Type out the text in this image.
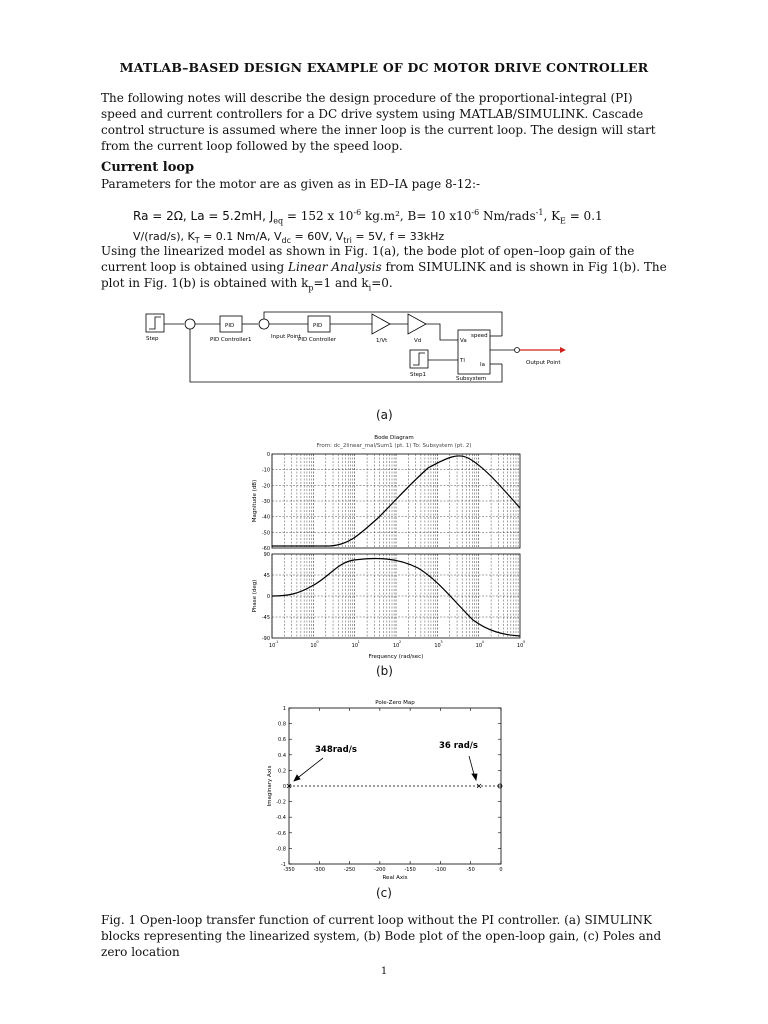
MATLAB–BASED DESIGN EXAMPLE OF DC MOTOR DRIVE CONTROLLER
The following notes will describe the design procedure of the proportional-integral (PI) speed and current controllers for a DC drive system using MATLAB/SIMULINK. Cascade control structure is assumed where the inner loop is the current loop. The design will start from the current loop followed by the speed loop.
Current loop
Parameters for the motor are as given as in ED–IA page 8-12:-
Ra = 2Ω, La = 5.2mH, $J_{eq} = 152$ x $10^{-6}$ kg.m², B= 10 $x10^{-6}$ Nm/rads$^{-1}$, $K_E = 0.1$
V/(rad/s), $K_T = 0.1$ Nm/A, $V_{dc} = 60V$, $V_{tri} = 5V$, f = 33kHz
Using the linearized model as shown in Fig. 1(a), the bode plot of open–loop gain of the current loop is obtained using Linear Analysis from SIMULINK and is shown in Fig 1(b). The plot in Fig. 1(b) is obtained with $k_p=1$ and $k_i=0$.
Step
PID
PID Controller1	Input Point
PID
PID Controller	1/Vt	Vd	Va
Tl
speed
Ia
Subsystem
Step1
Output Point
(a)
Bode Diagram
From: dc_2linear_mal/Sum1 (pt. 1) To: Subsystem (pt. 2)
Magnitude (dB)
Phase (deg)
Frequency (rad/sec)
0
-10
-20
-30
-40
-50
-60
90
45
0
-45
-90
10
-1
10
0
10
1
10
2
10
3
10
4
10
5
(b)
Pole-Zero Map
Imaginary Axis
Real Axis
1
0.8
0.6
0.4
0.2
0
-0.2
-0.4
-0.6
-0.8
-1
-350	-300	-250	-200	-150	-100	-50	0
348rad/s	36 rad/s
(c)
Fig. 1 Open-loop transfer function of current loop without the PI controller. (a) SIMULINK blocks representing the linearized system, (b) Bode plot of the open-loop gain, (c) Poles and zero location
1
